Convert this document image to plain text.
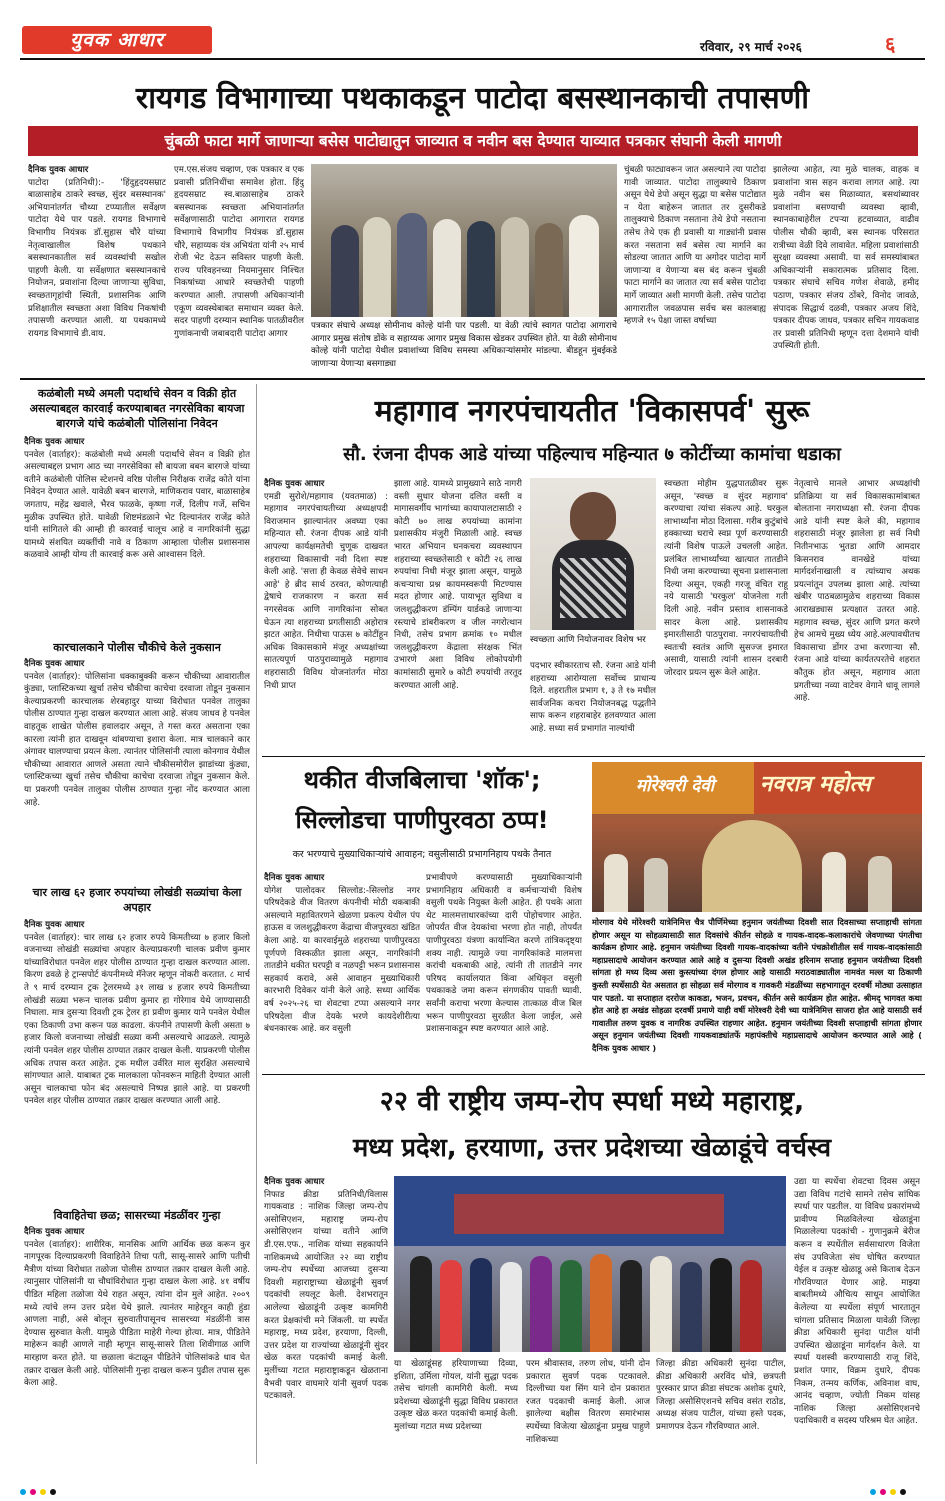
युवक आधार	रविवार, २९ मार्च २०२६	६
रायगड विभागाच्या पथकाकडून पाटोदा बसस्थानकाची तपासणी
चुंबळी फाटा मार्गे जाणाऱ्या बसेस पाटोद्यातुन जाव्यात व नवीन बस देण्यात याव्यात पत्रकार संघानी केली मागणी
दैनिक युवक आधार
पाटोदा (प्रतिनिधी):- 'हिंदुहृदयसम्राट बाळासाहेब ठाकरे स्वच्छ, सुंदर बसस्थानक' अभियानांतर्गत चौथ्या टप्प्यातील सर्वेक्षण पाटोदा येथे पार पडले. रायगड विभागाचे विभागीय नियंत्रक डॉ.सुहास चौरे यांच्या नेतृत्वाखालील विशेष पथकाने बसस्थानकातील सर्व व्यवस्थांची सखोल पाहणी केली. या सर्वेक्षणात बसस्थानकाचे नियोजन, प्रवाशांना दिल्या जाणाऱ्या सुविधा, स्वच्छतागृहांची स्थिती, प्रशासनिक आणि प्रशिक्षातील स्वच्छता अशा विविध निकषांची तपासणी करण्यात आली. या पथकामध्ये रायगड विभागाचे डी.वाय.
एम.एस.संजय चव्हाण, एक पत्रकार व एक प्रवासी प्रतिनिधींचा समावेश होता. हिंदु हृदयसम्राट स्व.बाळासाहेब ठाकरे बसस्थानक स्वच्छता अभियानांतर्गत सर्वेक्षणासाठी पाटोदा आगारात रायगड विभागाचे विभागीय नियंत्रक डॉ.सुहास चौरे, सहाय्यक यंत्र अभियंता यांनी २५ मार्च रोजी भेट देऊन सविस्तर पाहणी केली. राज्य परिवहनच्या नियमानुसार निश्चित निकषांच्या आधारे स्वच्छतेची पाहणी करण्यात आली. तपासणी अधिकाऱ्यांनी एकूण व्यवस्थेबाबत समाधान व्यक्त केले. सदर पाहणी दरम्यान स्थानिक पातळीवरील गुणांकनाची जबाबदारी पाटोदा आगार
पत्रकार संघाचे अध्यक्ष सोमीनाथ कोल्हे यांनी पार पडली. या वेळी त्यांचे स्वागत पाटोदा आगाराचे आगार प्रमुख संतोष डोंके व सहाय्यक आगार प्रमुख विकास खेडकर उपस्थित होते. या वेळी सोमीनाथ कोल्हे यांनी पाटोदा येथील प्रवाशांच्या विविध समस्या अधिकाऱ्यांसमोर मांडल्या. बीडहून मुंबईकडे जाणाऱ्या येणाऱ्या बसगाड्या
चुंबळी फाट्यावरून जात असल्याने त्या पाटोदा गावी जाव्यात. पाटोदा तालुक्याचे ठिकाण असून येथे डेपो असून सुद्धा या बसेस पाटोद्यात न येता बाहेरून जातात तर दुसरीकडे तालुक्याचे ठिकाण नसताना तेथे डेपो नसताना तसेच तेथे एक ही प्रवासी या गाड्यांनी प्रवास करत नसताना सर्व बसेस त्या मार्गाने का सोडल्या जातात आणि या अगोदर पाटोदा मार्गे जाणाऱ्या व येणाऱ्या बस बंद करून चुंबळी फाटा मार्गाने का जातात त्या सर्व बसेस पाटोदा मार्गे जाव्यात अशी मागणी केली. तसेच पाटोदा आगारातील जवळपास सर्वच बस कालबाह्य म्हणजे १५ पेक्षा जास्त वर्षाच्या
झालेल्या आहेत, त्या मुळे चालक, वाहक व प्रवाशांना त्रास सहन करावा लागत आहे. त्या मुळे नवीन बस मिळाव्यात, बसथांब्यावर प्रवाशांना बसण्याची व्यवस्था व्हावी, स्थानकाबाहेरील टपऱ्या हटवाव्यात, वाढीव पोलीस चौकी व्हावी, बस स्थानक परिसरात रात्रीच्या वेळी दिवे लावावेत. महिला प्रवाशांसाठी सुरक्षा व्यवस्था असावी. या सर्व समस्यांबाबत अधिकाऱ्यांनी सकारात्मक प्रतिसाद दिला. पत्रकार संघाचे सचिव गणेश शेवाळे, हमीद पठाण, पत्रकार संजय ठोंबरे, विनोद जावळे, संपादक सिद्धार्थ दळवी, पत्रकार अजय शिंदे, पत्रकार दीपक जाधव, पत्रकार सचिन गायकवाड तर प्रवासी प्रतिनिधी म्हणून दत्ता देशमाने यांची उपस्थिती होती.
कळंबोली मध्ये अमली पदार्थाचे सेवन व विक्री होत असल्याबद्दल कारवाई करण्याबाबत नगरसेविका बायजा बारगजे यांचे कळंबोली पोलिसांना निवेदन
दैनिक युवक आधार
पनवेल (वार्ताहर): कळंबोली मध्ये अमली पदार्थांचे सेवन व विक्री होत असल्याबद्दल प्रभाग आठ च्या नगरसेविका सौ बायजा बबन बारगजे यांच्या वतीने कळंबोली पोलिस स्टेशनचे वरिष्ठ पोलीस निरीक्षक राजेंद्र कोते यांना निवेदन देण्यात आले. यावेळी बबन बारगजे, माणिकराव पवार, बाळासाहेब जगताप, महेंद्र खवाले, भैरव फाळके, कृष्णा गर्जे, दिलीप गर्जे, सचिन मुळीक उपस्थित होते. यावेळी शिष्टमंडळाने भेट दिल्यानंतर राजेंद्र कोते यांनी सांगितले की आम्ही ही कारवाई चालूच आहे व नागरिकांनी सुद्धा यामध्ये संशयित व्यक्तींची नावे व ठिकाण आम्हाला पोलीस प्रशासनास कळवावे आम्ही योग्य ती कारवाई करू असे आश्वासन दिले.
कारचालकाने पोलीस चौकीचे केले नुकसान
दैनिक युवक आधार
पनवेल (वार्ताहर): पोलिसांना धक्काबुक्की करून चौकीच्या आवारातील कुंड्या, प्लास्टिकच्या खुर्चा तसेच चौकीचा काचेचा दरवाजा तोडून नुकसान केल्याप्रकरणी कारचालक शेरबहादुर याच्या विरोधात पनवेल तालुका पोलीस ठाण्यात गुन्हा दाखल करण्यात आला आहे. संजय जाधव हे पनवेल वाहतूक शाखेत पोलीस हवालदार असून, ते गस्त करत असताना एका कारला त्यांनी हात दाखवून थांबण्याचा इशारा केला. मात्र चालकाने कार अंगावर घालण्याचा प्रयत्न केला. त्यानंतर पोलिसांनी त्याला कोनगाव येथील चौकीच्या आवारात आणले असता त्याने चौकीसमोरील झाडांच्या कुंड्या, प्लास्टिकच्या खुर्चा तसेच चौकीचा काचेचा दरवाजा तोडून नुकसान केले. या प्रकरणी पनवेल तालुका पोलीस ठाण्यात गुन्हा नोंद करण्यात आला आहे.
चार लाख ६२ हजार रुपयांच्या लोखंडी सळ्यांचा केला अपहार
दैनिक युवक आधार
पनवेल (वार्ताहर): चार लाख ६२ हजार रुपये किमतीच्या ७ हजार किलो वजनाच्या लोखंडी सळ्यांचा अपहार केल्याप्रकरणी चालक प्रवीण कुमार यांच्याविरोधात पनवेल शहर पोलीस ठाण्यात गुन्हा दाखल करण्यात आला. किरण ढवळे हे ट्रान्सपोर्ट कंपनीमध्ये मॅनेजर म्हणून नोकरी करतात. ८ मार्च ते ९ मार्च दरम्यान ट्रक ट्रेलरमध्ये ३१ लाख ४ हजार रुपये किमतीच्या लोखंडी सळ्या भरून चालक प्रवीण कुमार हा गोरेगाव येथे जाण्यासाठी निघाला. मात्र दुसऱ्या दिवशी ट्रक ट्रेलर हा प्रवीण कुमार याने पनवेल येथील एका ठिकाणी उभा करून पळ काढला. कंपनीने तपासणी केली असता ७ हजार किलो वजनाच्या लोखंडी सळ्या कमी असल्याचे आढळले. त्यामुळे त्यांनी पनवेल शहर पोलीस ठाण्यात तक्रार दाखल केली. याप्रकरणी पोलीस अधिक तपास करत आहेत. ट्रक मधील उर्वरित माल सुरक्षित असल्याचे सांगण्यात आले. याबाबत ट्रक मालकाला फोनवरून माहिती देण्यात आली असून चालकाचा फोन बंद असल्याचे निष्पन्न झाले आहे. या प्रकरणी पनवेल शहर पोलीस ठाण्यात तक्रार दाखल करण्यात आली आहे.
विवाहितेचा छळ; सासरच्या मंडळींवर गुन्हा
दैनिक युवक आधार
पनवेल (वार्ताहर): शारीरिक, मानसिक आणि आर्थिक छळ करून कुर नागपूरक दिल्याप्रकरणी विवाहितेने तिचा पती, सासू-सासरे आणि पतीची मैत्रीण यांच्या विरोधात तळोजा पोलीस ठाण्यात तक्रार दाखल केली आहे. त्यानुसार पोलिसांनी या चौघांविरोधात गुन्हा दाखल केला आहे. ४१ वर्षीय पीडित महिला तळोजा येथे राहत असून, त्यांना दोन मुले आहेत. २००९ मध्ये त्यांचे लग्न उत्तर प्रदेश येथे झाले. त्यानंतर माहेरहून काही हुंडा आणला नाही, असे बोलून सुरुवातीपासूनच सासरच्या मंडळींनी त्रास देण्यास सुरुवात केली. यामुळे पीडिता माहेरी गेल्या होत्या. मात्र, पीडितेने माहेरून काही आणले नाही म्हणून सासू-सासरे तिला शिवीगाळ आणि मारहाण करत होते. या छळाला कंटाळून पीडितेने पोलिसांकडे धाव घेत तक्रार दाखल केली आहे. पोलिसांनी गुन्हा दाखल करून पुढील तपास सुरू केला आहे.
महागाव नगरपंचायतीत 'विकासपर्व' सुरू
सौ. रंजना दीपक आडे यांच्या पहिल्याच महिन्यात ७ कोटींच्या कामांचा धडाका
दैनिक युवक आधार
एमडी सुरोशे/महागाव (यवतमाळ) : महागाव नगरपंचायतीच्या अध्यक्षपदी विराजमान झाल्यानंतर अवघ्या एका महिन्यात सौ. रंजना दीपक आडे यांनी आपल्या कार्यक्षमतेची चुणूक दाखवत शहराच्या विकासाची नवी दिशा स्पष्ट केली आहे. 'सत्ता ही केवळ सेवेचे साधन आहे' हे ब्रीद सार्थ ठरवत, कोणत्याही द्वेषाचे राजकारण न करता सर्व नगरसेवक आणि नागरिकांना सोबत घेऊन त्या शहराच्या प्रगतीसाठी अहोरात्र झटत आहेत. निधीचा पाऊस ७ कोटींहून अधिक विकासकामे मंजूर अध्यक्षांच्या सातत्यपूर्ण पाठपुराव्यामुळे महागाव शहरासाठी विविध योजनांतर्गत मोठा निधी प्राप्त
झाला आहे. यामध्ये प्रामुख्याने साठे नागरी वस्ती सुधार योजना दलित वस्ती व मागासवर्गीय भागांच्या कायापालटासाठी २ कोटी ७० लाख रुपयांच्या कामांना प्रशासकीय मंजुरी मिळाली आहे. स्वच्छ भारत अभियान घनकचरा व्यवस्थापन शहराच्या स्वच्छतेसाठी १ कोटी २६ लाख रुपयांचा निधी मंजूर झाला असून, यामुळे कचऱ्याचा प्रश्न कायमस्वरूपी मिटण्यास मदत होणार आहे. पायाभूत सुविधा व जलशुद्धीकरण डंम्पिंग यार्डकडे जाणाऱ्या रस्त्याचे डांबरीकरण व जील नगरोत्थान निधी, तसेच प्रभाग क्रमांक १० मधील जलशुद्धीकरण केंद्राला संरक्षक भिंत उभारणे अशा विविध लोकोपयोगी कामांसाठी सुमारे ७ कोटी रुपयांची तरतूद करण्यात आली आहे.
स्वच्छता आणि नियोजनावर विशेष भर
पदभार स्वीकारताच सौ. रंजना आडे यांनी शहराच्या आरोग्याला सर्वोच्च प्राधान्य दिले. शहरातील प्रभाग १, ३ ते १७ मधील सार्वजनिक कचरा नियोजनबद्ध पद्धतीने साफ करून शहराबाहेर हलवण्यात आला आहे. सध्या सर्व प्रभागांत नाल्यांची
स्वच्छता मोहीम युद्धपातळीवर सुरू असून, 'स्वच्छ व सुंदर महागाव' करण्याचा त्यांचा संकल्प आहे. घरकुल लाभार्थ्यांना मोठा दिलासा. गरीब कुटुंबांचे हक्काच्या घराचे स्वप्न पूर्ण करण्यासाठी त्यांनी विशेष पाऊले उचलली आहेत. प्रलंबित लाभार्थ्यांच्या खात्यात तातडीने निधी जमा करण्याच्या सूचना प्रशासनाला दिल्या असून, एकही गरजू वंचित राहू नये यासाठी 'घरकुल' योजनेला गती दिली आहे. नवीन प्रस्ताव शासनाकडे सादर केला आहे. प्रशासकीय इमारतीसाठी पाठपुरावा. नगरपंचायतीची स्वतःची स्वतंत्र आणि सुसज्ज इमारत असावी, यासाठी त्यांनी शासन दरबारी जोरदार प्रयत्न सुरू केले आहेत.
नेतृत्वाचे मानले आभार अध्यक्षांची प्रतिक्रिया या सर्व विकासकामांबाबत बोलताना नगराध्यक्षा सौ. रंजना दीपक आडे यांनी स्पष्ट केले की, महागाव शहरासाठी मंजूर झालेला हा सर्व निधी नितीनभाऊ भुतडा आणि आमदार किसनराव वानखेडे यांच्या मार्गदर्शनाखाली व त्यांच्याच अथक प्रयत्नांतून उपलब्ध झाला आहे. त्यांच्या खंबीर पाठबळामुळेच शहराच्या विकास आराखड्यास प्रत्यक्षात उतरत आहे. महागाव स्वच्छ, सुंदर आणि प्रगत करणे हेच आमचे मुख्य ध्येय आहे.अल्पावधीतच विकासाचा डोंगर उभा करणाऱ्या सौ. रंजना आडे यांच्या कार्यतत्परतेचे शहरात कौतुक होत असून, महागाव आता प्रगतीच्या नव्या वाटेवर वेगाने धावू लागले आहे.
थकीत वीजबिलाचा 'शॉक';
सिल्लोडचा पाणीपुरवठा ठप्प!
कर भरण्याचे मुख्याधिकाऱ्यांचे आवाहन; वसुलीसाठी प्रभागनिहाय पथके तैनात
दैनिक युवक आधार
योगेश पालोदकर सिल्लोड:-सिल्लोड नगर परिषदेकडे वीज वितरण कंपनीची मोठी थकबाकी असल्याने महावितरणने खेळणा प्रकल्प येथील पंप हाऊस व जलशुद्धीकरण केंद्राचा वीजपुरवठा खंडित केला आहे. या कारवाईमुळे शहराच्या पाणीपुरवठा पूर्णपणे विस्कळीत झाला असून, नागरिकांनी तातडीने थकीत घरपट्टी व नळपट्टी भरून प्रशासनास सहकार्य करावे, असे आवाहन मुख्याधिकारी कारभारी दिवेकर यांनी केले आहे. सध्या आर्थिक वर्ष २०२५-२६ चा शेवटचा टप्पा असल्याने नगर परिषदेला वीज देयके भरणे कायदेशीरीत्या बंधनकारक आहे. कर वसुली
प्रभावीपणे करण्यासाठी मुख्याधिकाऱ्यांनी प्रभागनिहाय अधिकारी व कर्मचाऱ्यांची विशेष वसुली पथके नियुक्त केली आहेत. ही पथके आता थेट मालमत्ताधारकांच्या दारी पोहोचणार आहेत. जोपर्यंत वीज देयकांचा भरणा होत नाही, तोपर्यंत पाणीपुरवठा यंत्रणा कार्यान्वित करणे तांत्रिकदृष्ट्या शक्य नाही. त्यामुळे ज्या नागरिकांकडे मालमत्ता करांची थकबाकी आहे, त्यांनी ती तातडीने नगर परिषद कार्यालयात किंवा अधिकृत वसुली पथकाकडे जमा करून संगणकीय पावती घ्यावी. सर्वांनी कराचा भरणा केल्यास तात्काळ वीज बिल भरून पाणीपुरवठा सुरळीत केला जाईल, असे प्रशासनाकडून स्पष्ट करण्यात आले आहे.
मोरेश्वरी देवी	नवरात्र महोत्स
मोरगाव येथे मोरेश्वरी यात्रेनिमित्त चैत्र पौर्णिमेच्या हनुमान जयंतीच्या दिवशी सात दिवसाच्या सप्ताहाची सांगता होणार असून या सोहळ्यासाठी सात दिवसांचे कीर्तन सोहळे व गायक-वादक-कलाकारांचे जेवणाच्या पंगतीचा कार्यक्रम होणार आहे. हनुमान जयंतीच्या दिवशी गायक-वादकांच्या वतीने पंचक्रोशीतील सर्व गायक-वादकांसाठी महाप्रसादाचे आयोजन करण्यात आले आहे व दुसऱ्या दिवशी अखंड हरिनाम सप्ताह हनुमान जयंतीच्या दिवशी सांगता हो मध्य दिव्य असा कुस्त्यांच्या दंगल होणार आहे यासाठी मराठवाड्यातील नामवंत मल्ल या ठिकाणी कुस्ती स्पर्धेसाठी येत असतात हा सोहळा सर्व मोरगाव व गावकरी मंडळींच्या सहभागातून दरवर्षी मोठ्या उत्साहात पार पडतो. या सप्ताहात दररोज काकडा, भजन, प्रवचन, कीर्तन असे कार्यक्रम होत आहेत. श्रीमद् भागवत कथा होत आहे हा अखंड सोहळा दरवर्षी प्रमाणे याही वर्षी मोरेश्वरी देवी च्या यात्रेनिमित्त साजरा होत आहे यासाठी सर्व गावातील तरुण युवक व नागरिक उपस्थित राहणार आहेत. हनुमान जयंतीच्या दिवशी सप्ताहाची सांगता होणार असून हनुमान जयंतीच्या दिवशी गायकवाड्यांतर्फे महापंक्तीचे महाप्रसादाचे आयोजन करण्यात आले आहे ( दैनिक युवक आधार )
२२ वी राष्ट्रीय जम्प-रोप स्पर्धा मध्ये महाराष्ट्र,
मध्य प्रदेश, हरयाणा, उत्तर प्रदेशच्या खेळाडूंचे वर्चस्व
दैनिक युवक आधार
निफाड क्रीडा प्रतिनिधी/विलास गायकवाड : नाशिक जिल्हा जम्प-रोप असोसिएशन, महाराष्ट्र जम्प-रोप असोसिएशन यांच्या वतीने आणि डी.एस.एफ., नाशिक यांच्या सहकार्याने नाशिकमध्ये आयोजित २२ व्या राष्ट्रीय जम्प-रोप स्पर्धेच्या आजच्या दुसऱ्या दिवशी महाराष्ट्राच्या खेळाडूंनी सुवर्ण पदकांची लयलूट केली. देशभरातून आलेल्या खेळाडूंनी उत्कृष्ट कामगिरी करत प्रेक्षकांची मने जिंकली. या स्पर्धेत महाराष्ट्र, मध्य प्रदेश, हरयाणा, दिल्ली, उत्तर प्रदेश या राज्यांच्या खेळाडूंनी सुंदर खेळ करत पदकांची कमाई केली. मुलींच्या गटात महाराष्ट्राकडून खेळताना वैभवी पवार वाघमारे यांनी सुवर्ण पदक पटकावले.
या खेळाडूंसह हरियाणाच्या दिव्या, इशिता, उर्मिला गोयल, यांनी सुद्धा पदक तसेच चांगली कामगिरी केली. मध्य प्रदेशच्या खेळाडूंनी सुद्धा विविध प्रकारात उत्कृष्ट खेळ करत पदकांची कमाई केली. मुलांच्या गटात मध्य प्रदेशच्या
परम श्रीवास्तव, तरुण लोध, यांनी दोन प्रकारात सुवर्ण पदक पटकावले. दिल्लीच्या यश सिंग याने दोन प्रकारात रजत पदकाची कमाई केली. आज झालेल्या बक्षीस वितरण समारंभास स्पर्धेच्या विजेत्या खेळाडूंना प्रमुख पाहुणे नाशिकच्या
जिल्हा क्रीडा अधिकारी सुनंदा पाटील, क्रीडा अधिकारी अरविंद धोत्रे, छत्रपती पुरस्कार प्राप्त क्रीडा संघटक अशोक दुधारे, जिल्हा असोसिएशनचे सचिव वसंत राठोड, अध्यक्ष संजय पाटील, यांच्या हस्ते पदक, प्रमाणपत्र देऊन गौरविण्यात आले.
उद्या या स्पर्धेचा शेवटचा दिवस असून उद्या विविध गटांचे सामने तसेच सांघिक स्पर्धा पार पडतील. या विविध प्रकारांमध्ये प्रावीण्य मिळविलेल्या खेळाडूंना मिळालेल्या पदकांची - गुणानुक्रमे बेरीज करून व स्पर्धेतील सर्वसाधारण विजेता संघ उपविजेता संघ घोषित करण्यात येईल व उत्कृष्ट खेळाडू असे किताब देऊन गौरविण्यात येणार आहे. माझ्या बाबतीमध्ये औचित्य साधून आयोजित केलेल्या या स्पर्धेला संपूर्ण भारतातून चांगला प्रतिसाद मिळाला यावेळी जिल्हा क्रीडा अधिकारी सुनंदा पाटील यांनी उपस्थित खेळाडूंना मार्गदर्शन केले. या स्पर्धा यशस्वी करण्यासाठी राजू शिंदे, प्रशांत पगार, विक्रम दुधारे, दीपक निकम, तन्मय कर्णिक, अविनाश वाघ, आनंद चव्हाण, ज्योती निकम यांसह नाशिक जिल्हा असोसिएशनचे पदाधिकारी व सदस्य परिश्रम घेत आहेत.
